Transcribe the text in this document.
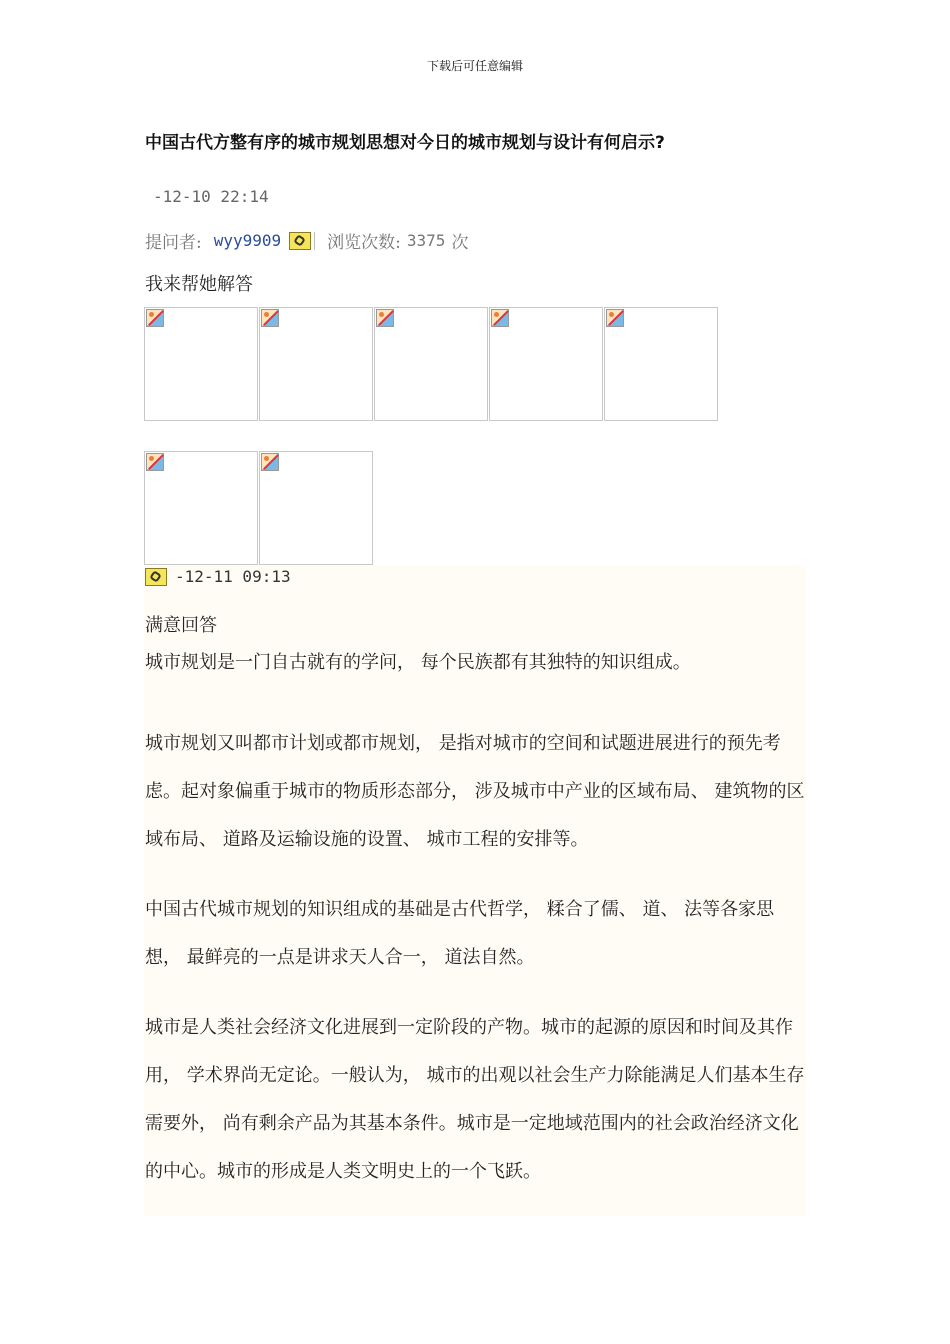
下载后可任意编辑
中国古代方整有序的城市规划思想对今日的城市规划与设计有何启示?
-12-10 22:14
提问者: wyy9909	浏览次数: 3375 次
我来帮她解答
-12-11 09:13
满意回答

城市规划是一门自古就有的学问， 每个民族都有其独特的知识组成。

城市规划又叫都市计划或都市规划， 是指对城市的空间和试题进展进行的预先考虑。起对象偏重于城市的物质形态部分， 涉及城市中产业的区域布局、 建筑物的区域布局、 道路及运输设施的设置、 城市工程的安排等。

中国古代城市规划的知识组成的基础是古代哲学， 糅合了儒、 道、 法等各家思想， 最鲜亮的一点是讲求天人合一， 道法自然。

城市是人类社会经济文化进展到一定阶段的产物。城市的起源的原因和时间及其作用， 学术界尚无定论。一般认为， 城市的出观以社会生产力除能满足人们基本生存需要外， 尚有剩余产品为其基本条件。城市是一定地域范围内的社会政治经济文化的中心。城市的形成是人类文明史上的一个飞跃。
